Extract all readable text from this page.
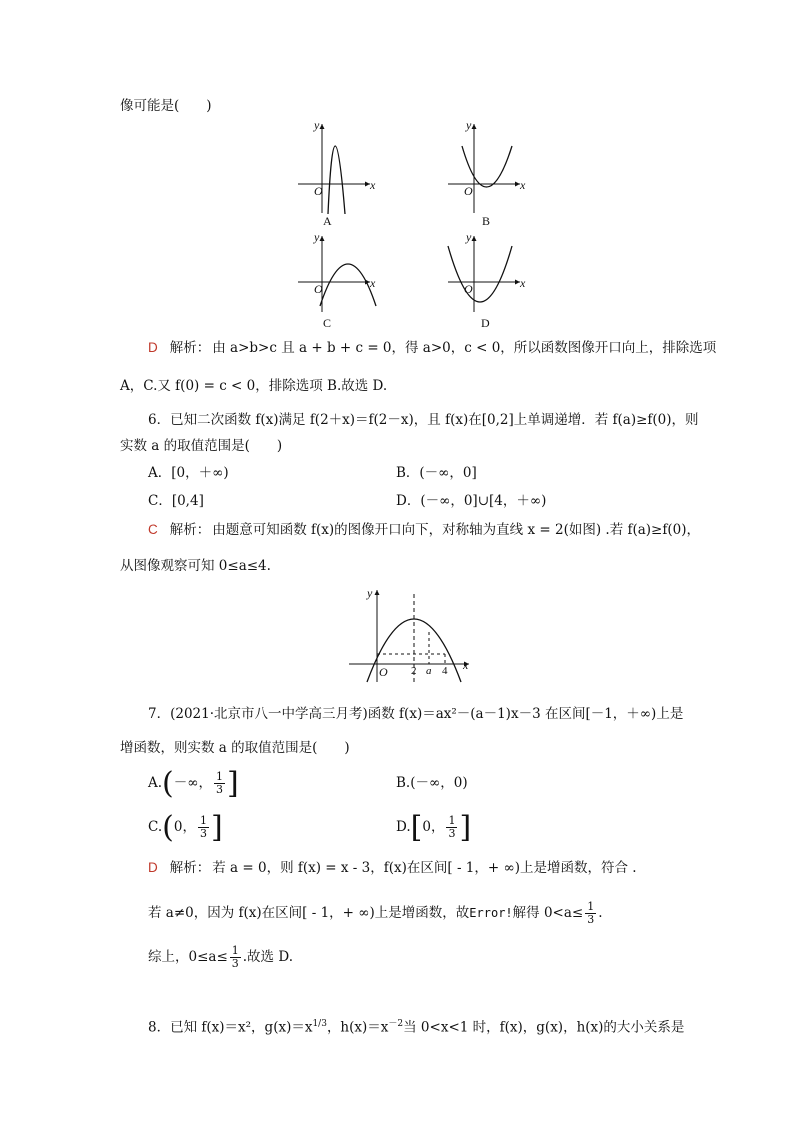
像可能是(　　)
y
x
O
A
y
x
O
B
y
x
O
C
y
x
O
D
D 解析： 由 a>b>c 且 a + b + c = 0，得 a>0，c < 0，所以函数图像开口向上，排除选项
A，C.又 f(0) = c < 0，排除选项 B.故选 D.
6．已知二次函数 f(x)满足 f(2＋x)＝f(2－x)，且 f(x)在[0,2]上单调递增．若 f(a)≥f(0)，则
实数 a 的取值范围是(　　)
A．[0，＋∞)	B．(－∞，0]
C．[0,4]	D．(－∞，0]∪[4，＋∞)
C 解析： 由题意可知函数 f(x)的图像开口向下，对称轴为直线 x = 2(如图) .若 f(a)≥f(0)，
从图像观察可知 0≤a≤4.
y
x
O 2 a 4
7．(2021·北京市八一中学高三月考)函数 f(x)＝ax²－(a－1)x－3 在区间[－1，＋∞)上是
增函数，则实数 a 的取值范围是(　　)
A.(－∞， $\frac{1}{3}$ ]	B.(－∞，0)
C.(0， $\frac{1}{3}$ ]	D.[0， $\frac{1}{3}$ ]
D 解析： 若 a = 0，则 f(x) = x - 3，f(x)在区间[ - 1，+ ∞)上是增函数，符合 .
若 a≠0，因为 f(x)在区间[ - 1，+ ∞)上是增函数，故Error!解得 $0<a\le \frac{1}{3}$ .
综上，$0\le a\le \frac{1}{3}$ .故选 D.
8．已知 f(x)＝x²，$g(x)=x^{1/3}$，$h(x)=x^{-2}$当 0<x<1 时，f(x)，g(x)，h(x)的大小关系是
